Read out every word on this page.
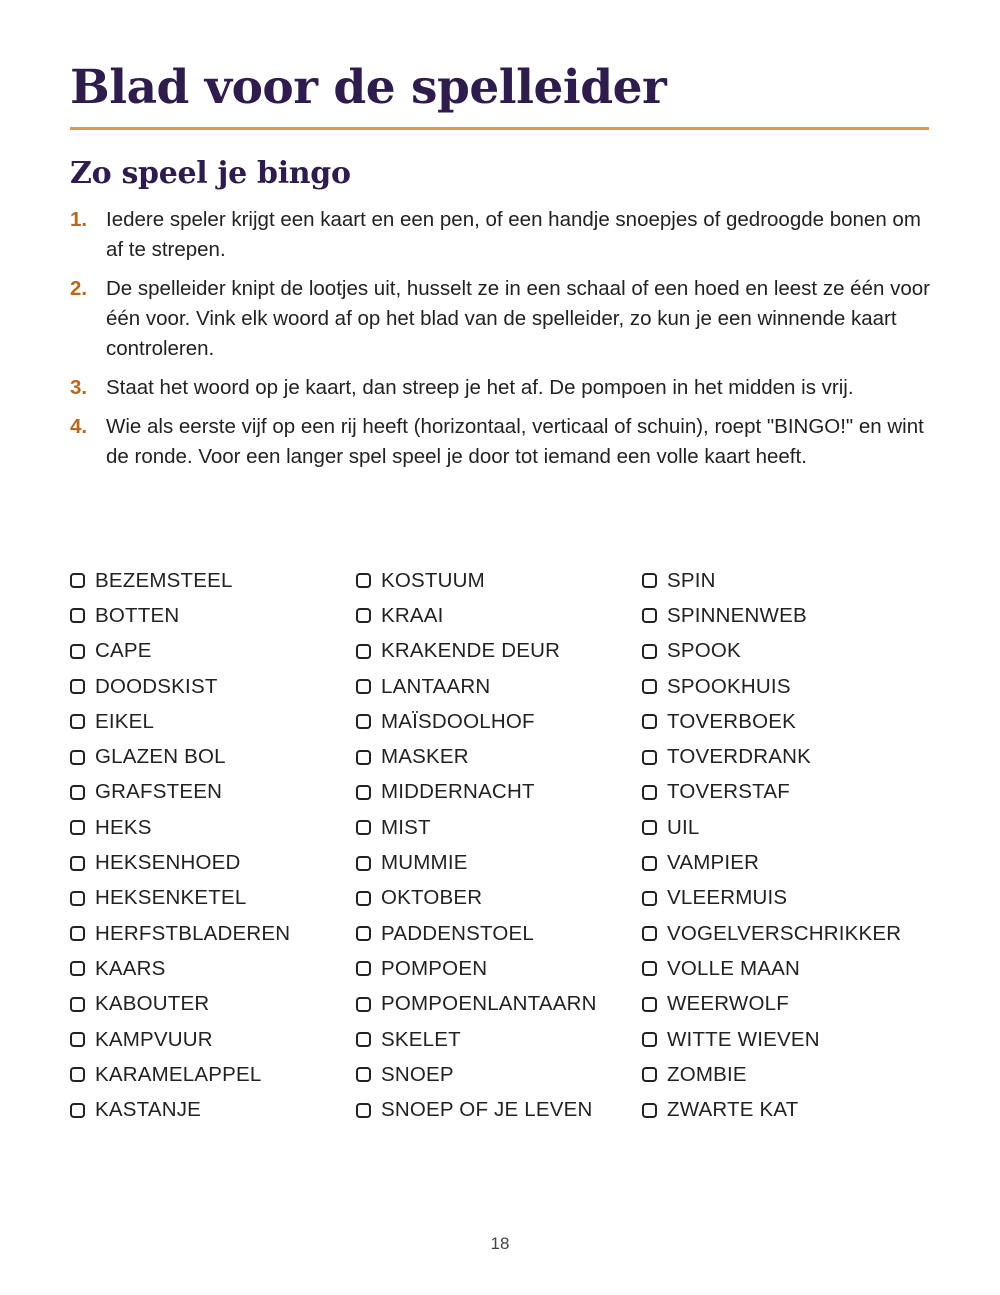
Blad voor de spelleider
Zo speel je bingo
1. Iedere speler krijgt een kaart en een pen, of een handje snoepjes of gedroogde bonen om af te strepen.
2. De spelleider knipt de lootjes uit, husselt ze in een schaal of een hoed en leest ze één voor één voor. Vink elk woord af op het blad van de spelleider, zo kun je een winnende kaart controleren.
3. Staat het woord op je kaart, dan streep je het af. De pompoen in het midden is vrij.
4. Wie als eerste vijf op een rij heeft (horizontaal, verticaal of schuin), roept "BINGO!" en wint de ronde. Voor een langer spel speel je door tot iemand een volle kaart heeft.
BEZEMSTEEL
BOTTEN
CAPE
DOODSKIST
EIKEL
GLAZEN BOL
GRAFSTEEN
HEKS
HEKSENHOED
HEKSENKETEL
HERFSTBLADEREN
KAARS
KABOUTER
KAMPVUUR
KARAMELAPPEL
KASTANJE
KOSTUUM
KRAAI
KRAKENDE DEUR
LANTAARN
MAÏSDOOLHOF
MASKER
MIDDERNACHT
MIST
MUMMIE
OKTOBER
PADDENSTOEL
POMPOEN
POMPOENLANTAARN
SKELET
SNOEP
SNOEP OF JE LEVEN
SPIN
SPINNENWEB
SPOOK
SPOOKHUIS
TOVERBOEK
TOVERDRANK
TOVERSTAF
UIL
VAMPIER
VLEERMUIS
VOGELVERSCHRIKKER
VOLLE MAAN
WEERWOLF
WITTE WIEVEN
ZOMBIE
ZWARTE KAT
18
